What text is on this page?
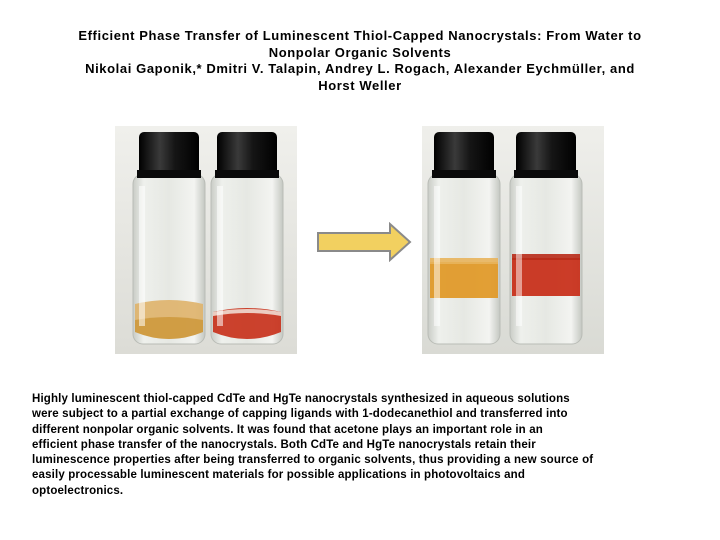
Efficient Phase Transfer of Luminescent Thiol-Capped Nanocrystals: From Water to
Nonpolar Organic Solvents
Nikolai Gaponik,* Dmitri V. Talapin, Andrey L. Rogach, Alexander Eychmüller, and
Horst Weller
Highly luminescent thiol-capped CdTe and HgTe nanocrystals synthesized in aqueous solutions
were subject to a partial exchange of capping ligands with 1-dodecanethiol and transferred into
different nonpolar organic solvents. It was found that acetone plays an important role in an
efficient phase transfer of the nanocrystals. Both CdTe and HgTe nanocrystals retain their
luminescence properties after being transferred to organic solvents, thus providing a new source of
easily processable luminescent materials for possible applications in photovoltaics and
optoelectronics.
